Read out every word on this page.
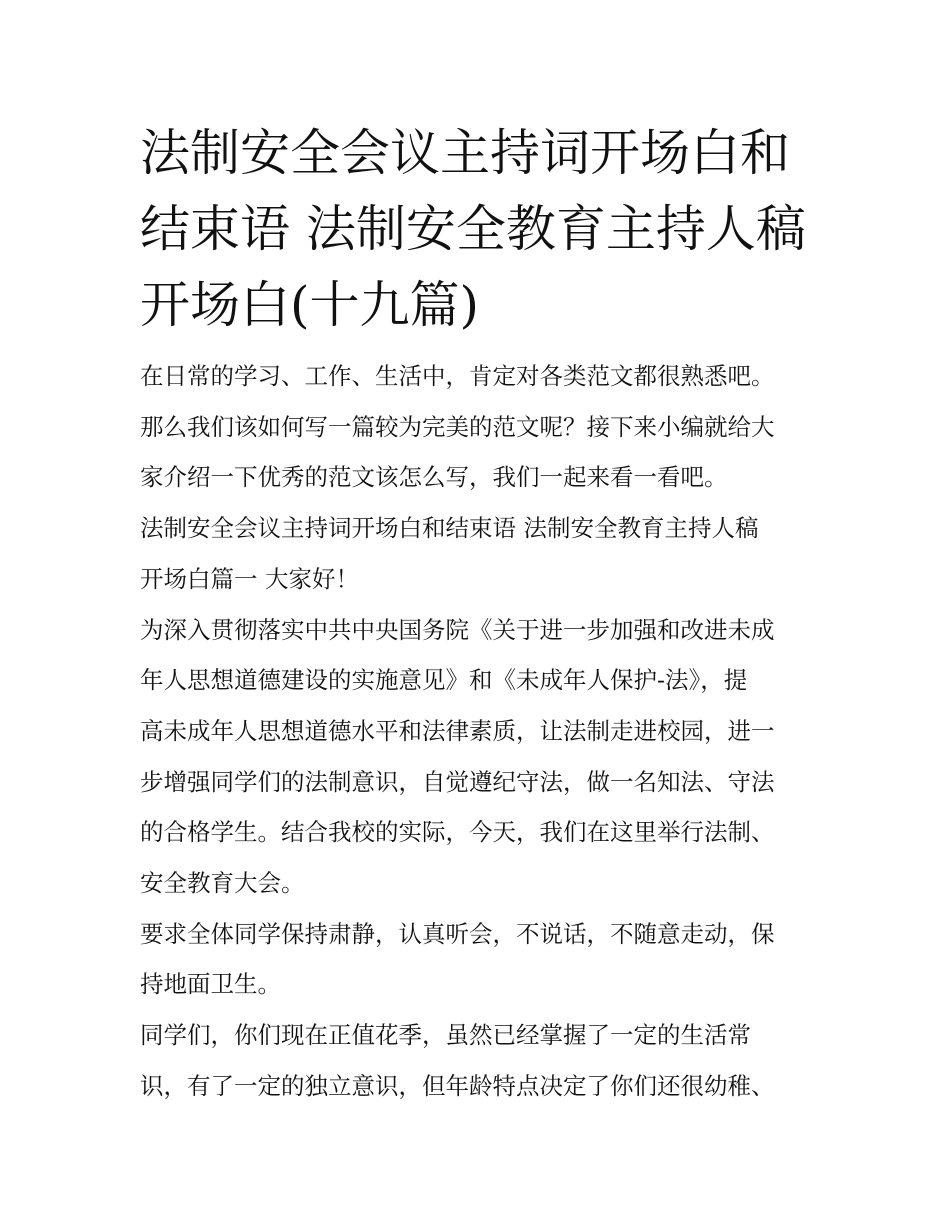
法制安全会议主持词开场白和
结束语 法制安全教育主持人稿
开场白(十九篇)

在日常的学习、工作、生活中，肯定对各类范文都很熟悉吧。
那么我们该如何写一篇较为完美的范文呢？接下来小编就给大
家介绍一下优秀的范文该怎么写，我们一起来看一看吧。

法制安全会议主持词开场白和结束语 法制安全教育主持人稿
开场白篇一 大家好！

为深入贯彻落实中共中央国务院《关于进一步加强和改进未成
年人思想道德建设的实施意见》和《未成年人保护-法》，提
高未成年人思想道德水平和法律素质，让法制走进校园，进一
步增强同学们的法制意识，自觉遵纪守法，做一名知法、守法
的合格学生。结合我校的实际，今天，我们在这里举行法制、
安全教育大会。

要求全体同学保持肃静，认真听会，不说话，不随意走动，保
持地面卫生。

同学们，你们现在正值花季，虽然已经掌握了一定的生活常
识，有了一定的独立意识，但年龄特点决定了你们还很幼稚、
